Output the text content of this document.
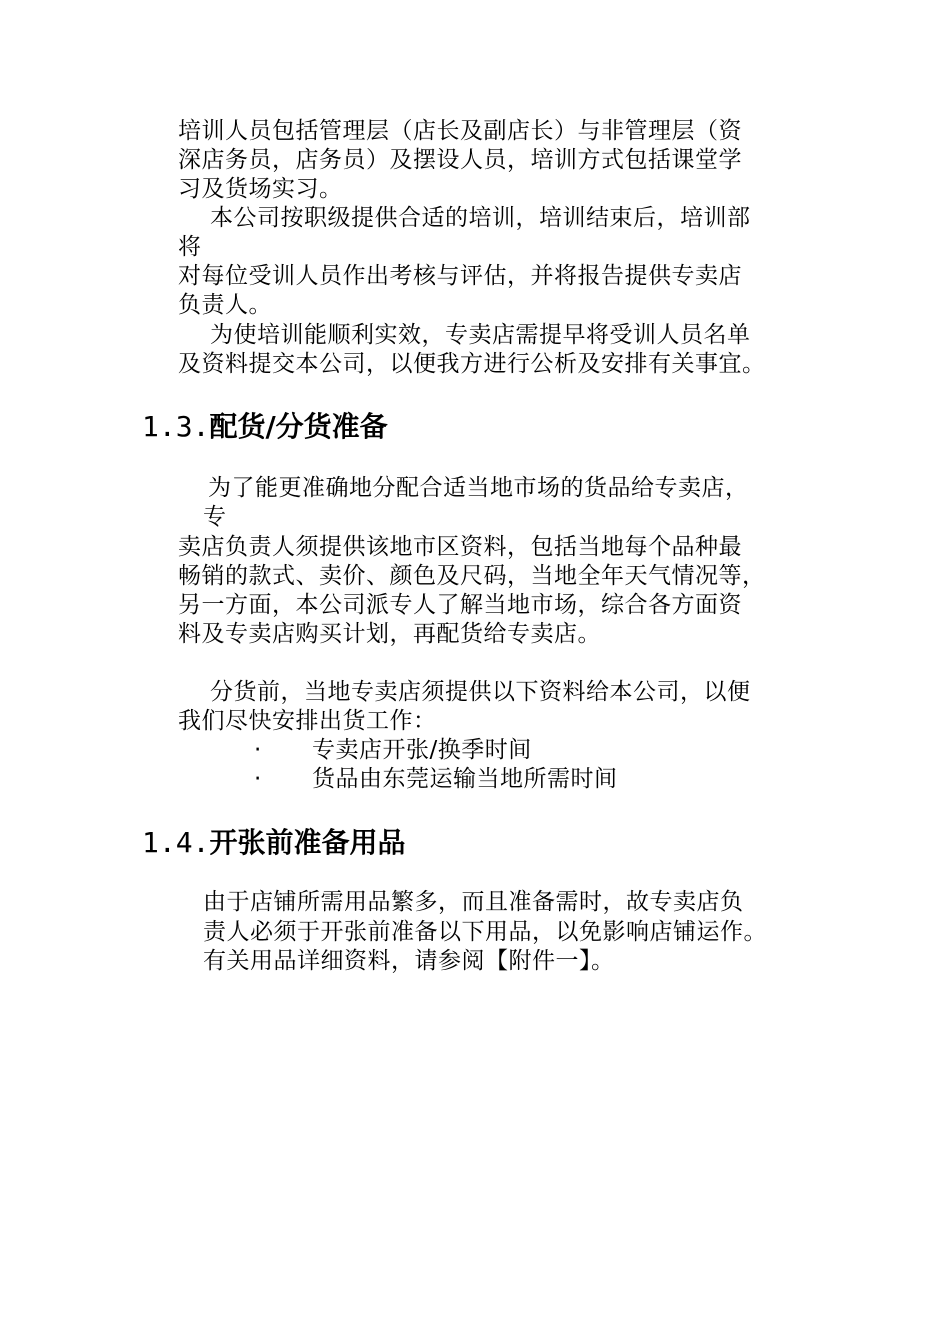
培训人员包括管理层（店长及副店长）与非管理层（资
深店务员，店务员）及摆设人员，培训方式包括课堂学
习及货场实习。
本公司按职级提供合适的培训，培训结束后，培训部
将
对每位受训人员作出考核与评估，并将报告提供专卖店
负责人。
为使培训能顺利实效，专卖店需提早将受训人员名单
及资料提交本公司，以便我方进行公析及安排有关事宜。
1.3.配货/分货准备
为了能更准确地分配合适当地市场的货品给专卖店，
专
卖店负责人须提供该地市区资料，包括当地每个品种最
畅销的款式、卖价、颜色及尺码，当地全年天气情况等，
另一方面，本公司派专人了解当地市场，综合各方面资
料及专卖店购买计划，再配货给专卖店。
分货前，当地专卖店须提供以下资料给本公司，以便
我们尽快安排出货工作：
· 专卖店开张/换季时间
· 货品由东莞运输当地所需时间
1.4.开张前准备用品
由于店铺所需用品繁多，而且准备需时，故专卖店负
责人必须于开张前准备以下用品，以免影响店铺运作。
有关用品详细资料，请参阅【附件一】。
